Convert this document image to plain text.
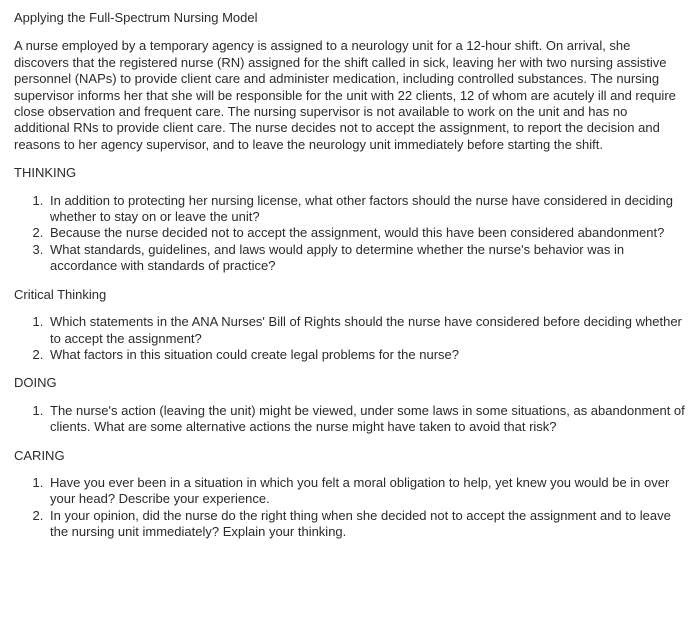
Applying the Full-Spectrum Nursing Model

A nurse employed by a temporary agency is assigned to a neurology unit for a 12-hour shift. On arrival, she discovers that the registered nurse (RN) assigned for the shift called in sick, leaving her with two nursing assistive personnel (NAPs) to provide client care and administer medication, including controlled substances. The nursing supervisor informs her that she will be responsible for the unit with 22 clients, 12 of whom are acutely ill and require close observation and frequent care. The nursing supervisor is not available to work on the unit and has no additional RNs to provide client care. The nurse decides not to accept the assignment, to report the decision and reasons to her agency supervisor, and to leave the neurology unit immediately before starting the shift.

THINKING
1. In addition to protecting her nursing license, what other factors should the nurse have considered in deciding whether to stay on or leave the unit?
2. Because the nurse decided not to accept the assignment, would this have been considered abandonment?
3. What standards, guidelines, and laws would apply to determine whether the nurse's behavior was in accordance with standards of practice?
Critical Thinking
1. Which statements in the ANA Nurses' Bill of Rights should the nurse have considered before deciding whether to accept the assignment?
2. What factors in this situation could create legal problems for the nurse?
DOING
1. The nurse's action (leaving the unit) might be viewed, under some laws in some situations, as abandonment of clients. What are some alternative actions the nurse might have taken to avoid that risk?
CARING
1. Have you ever been in a situation in which you felt a moral obligation to help, yet knew you would be in over your head? Describe your experience.
2. In your opinion, did the nurse do the right thing when she decided not to accept the assignment and to leave the nursing unit immediately? Explain your thinking.
